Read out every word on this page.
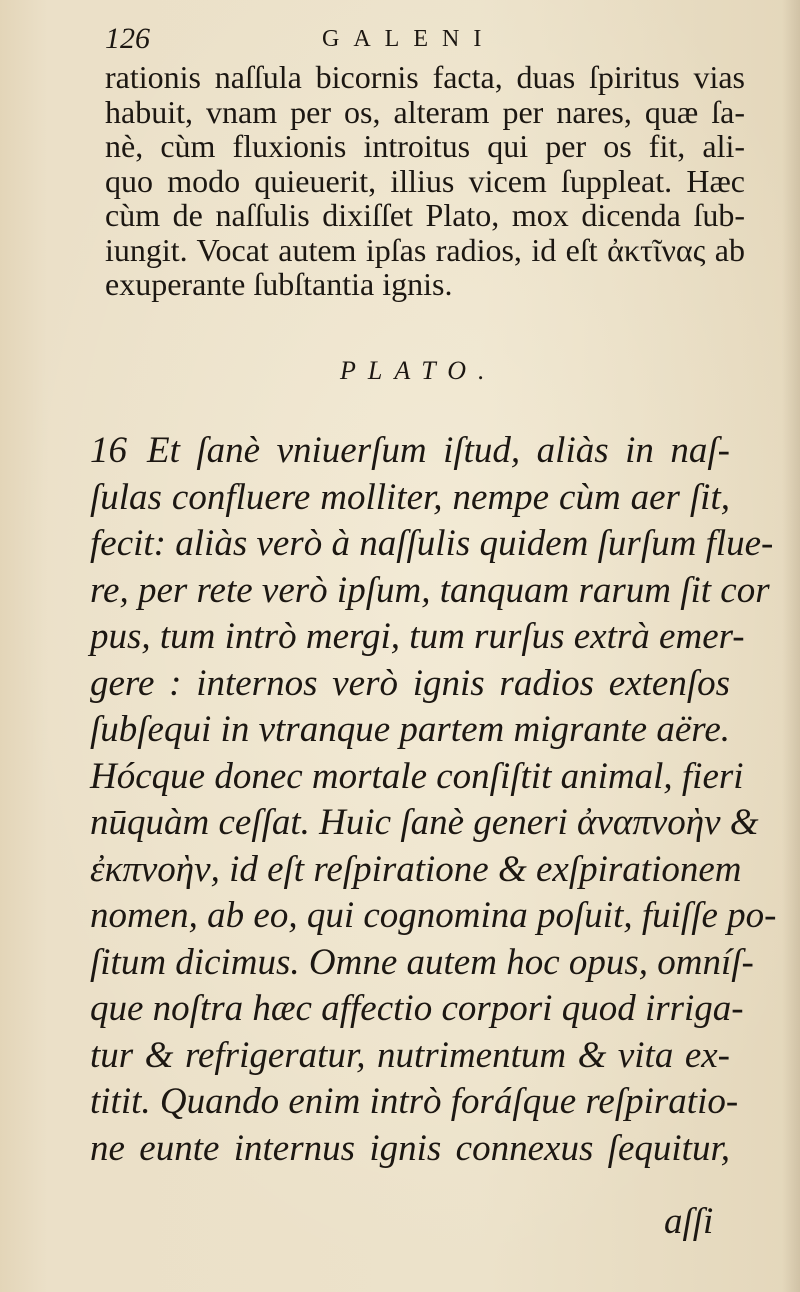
126	GALENI
rationis naſſula bicornis facta, duas ſpiritus vias
habuit, vnam per os, alteram per nares, quæ ſa-
nè, cùm fluxionis introitus qui per os fit, ali-
quo modo quieuerit, illius vicem ſuppleat. Hæc
cùm de naſſulis dixiſſet Plato, mox dicenda ſub-
iungit. Vocat autem ipſas radios, id eſt ἀκτῖνας ab
exuperante ſubſtantia ignis.
PLATO.
16 Et ſanè vniuerſum iſtud, aliàs in naſ-
ſulas confluere molliter, nempe cùm aer ſit,
fecit: aliàs verò à naſſulis quidem ſurſum flue-
re, per rete verò ipſum, tanquam rarum ſit cor
pus, tum intrò mergi, tum rurſus extrà emer-
gere : internos verò ignis radios extenſos
ſubſequi in vtranque partem migrante aëre.
Hócque donec mortale conſiſtit animal, fieri
nūquàm ceſſat. Huic ſanè generi ἀναπνοὴν &
ἐκπνοὴν, id eſt reſpiratione & exſpirationem
nomen, ab eo, qui cognomina poſuit, fuiſſe po-
ſitum dicimus. Omne autem hoc opus, omníſ-
que noſtra hæc affectio corpori quod irriga-
tur & refrigeratur, nutrimentum & vita ex-
titit. Quando enim intrò foráſque reſpiratio-
ne eunte internus ignis connexus ſequitur,
aſſi
